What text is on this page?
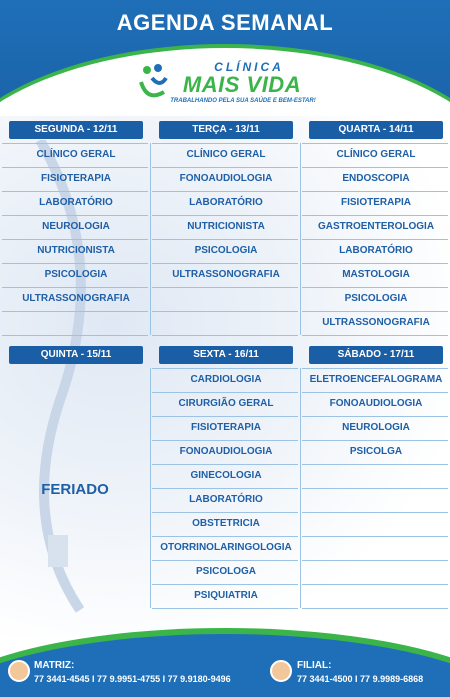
AGENDA SEMANAL
CLÍNICA
MAIS VIDA
TRABALHANDO PELA SUA SAÚDE E BEM-ESTAR!
SEGUNDA - 12/11
CLÍNICO GERAL
FISIOTERAPIA
LABORATÓRIO
NEUROLOGIA
NUTRICIONISTA
PSICOLOGIA
ULTRASSONOGRAFIA
TERÇA - 13/11
CLÍNICO GERAL
FONOAUDIOLOGIA
LABORATÓRIO
NUTRICIONISTA
PSICOLOGIA
ULTRASSONOGRAFIA
QUARTA - 14/11
CLÍNICO GERAL
ENDOSCOPIA
FISIOTERAPIA
GASTROENTEROLOGIA
LABORATÓRIO
MASTOLOGIA
PSICOLOGIA
ULTRASSONOGRAFIA
QUINTA - 15/11	SEXTA - 16/11
CARDIOLOGIA
CIRURGIÃO GERAL
FISIOTERAPIA
FONOAUDIOLOGIA
GINECOLOGIA
LABORATÓRIO
OBSTETRICIA
OTORRINOLARINGOLOGIA
PSICOLOGA
PSIQUIATRIA
SÁBADO - 17/11
ELETROENCEFALOGRAMA
FONOAUDIOLOGIA
NEUROLOGIA
PSICOLGA
FERIADO
MATRIZ:
77 3441-4545 I 77 9.9951-4755 I 77 9.9180-9496
FILIAL:
77 3441-4500 I 77 9.9989-6868
